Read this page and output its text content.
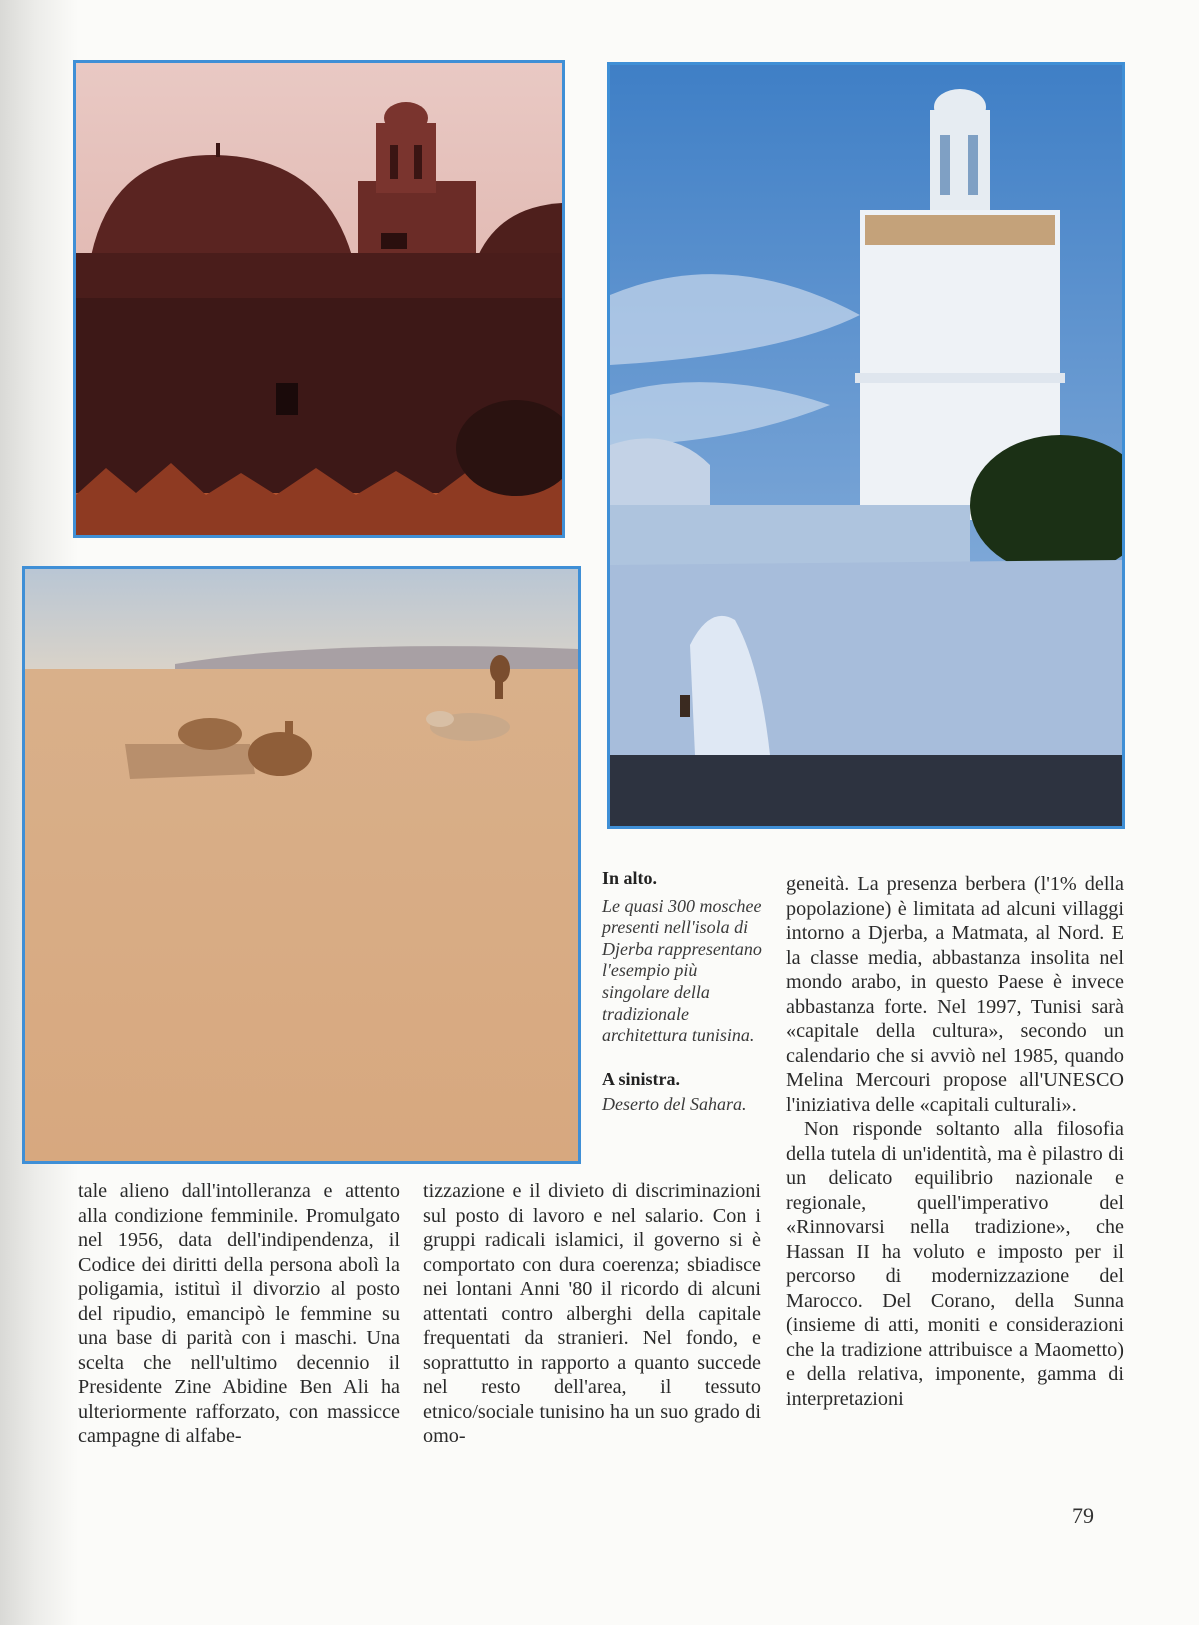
In alto.
Le quasi 300 moschee presenti nell'isola di Djerba rappresentano l'esempio più singolare della tradizionale architettura tunisina.
A sinistra.
Deserto del Sahara.

tale alieno dall'intolleranza e attento alla condizione femminile. Promulgato nel 1956, data dell'indipendenza, il Codice dei diritti della persona abolì la poligamia, istituì il divorzio al posto del ripudio, emancipò le femmine su una base di parità con i maschi. Una scelta che nell'ultimo decennio il Presidente Zine Abidine Ben Ali ha ulteriormente rafforzato, con massicce campagne di alfabe-

tizzazione e il divieto di discriminazioni sul posto di lavoro e nel salario. Con i gruppi radicali islamici, il governo si è comportato con dura coerenza; sbiadisce nei lontani Anni '80 il ricordo di alcuni attentati contro alberghi della capitale frequentati da stranieri. Nel fondo, e soprattutto in rapporto a quanto succede nel resto dell'area, il tessuto etnico/sociale tunisino ha un suo grado di omo-

geneità. La presenza berbera (l'1% della popolazione) è limitata ad alcuni villaggi intorno a Djerba, a Matmata, al Nord. E la classe media, abbastanza insolita nel mondo arabo, in questo Paese è invece abbastanza forte. Nel 1997, Tunisi sarà «capitale della cultura», secondo un calendario che si avviò nel 1985, quando Melina Mercouri propose all'UNESCO l'iniziativa delle «capitali culturali».

Non risponde soltanto alla filosofia della tutela di un'identità, ma è pilastro di un delicato equilibrio nazionale e regionale, quell'imperativo del «Rinnovarsi nella tradizione», che Hassan II ha voluto e imposto per il percorso di modernizzazione del Marocco. Del Corano, della Sunna (insieme di atti, moniti e considerazioni che la tradizione attribuisce a Maometto) e della relativa, imponente, gamma di interpretazioni

79
